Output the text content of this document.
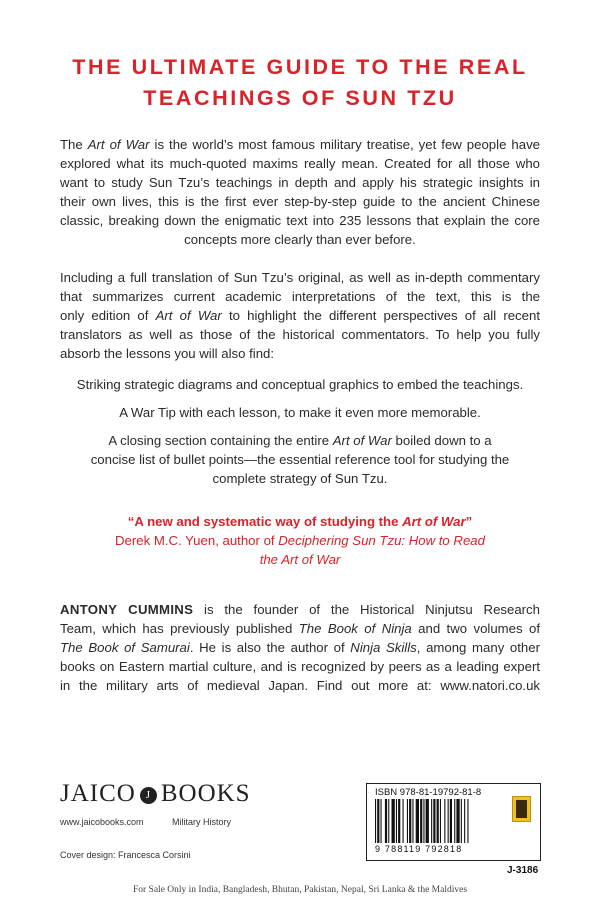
THE ULTIMATE GUIDE TO THE REAL
TEACHINGS OF SUN TZU
The Art of War is the world’s most famous military treatise, yet few people have
explored what its much-quoted maxims really mean. Created for all those who
want to study Sun Tzu’s teachings in depth and apply his strategic insights in
their own lives, this is the first ever step-by-step guide to the ancient Chinese
classic, breaking down the enigmatic text into 235 lessons that explain the core
concepts more clearly than ever before.
Including a full translation of Sun Tzu’s original, as well as in-depth commentary
that summarizes current academic interpretations of the text, this is the
only edition of Art of War to highlight the different perspectives of all recent
translators as well as those of the historical commentators. To help you fully
absorb the lessons you will also find:
Striking strategic diagrams and conceptual graphics to embed the teachings.
A War Tip with each lesson, to make it even more memorable.
A closing section containing the entire Art of War boiled down to a
concise list of bullet points—the essential reference tool for studying the
complete strategy of Sun Tzu.
“A new and systematic way of studying the Art of War”
Derek M.C. Yuen, author of Deciphering Sun Tzu: How to Read
the Art of War
ANTONY CUMMINS is the founder of the Historical Ninjutsu Research
Team, which has previously published The Book of Ninja and two volumes of
The Book of Samurai. He is also the author of Ninja Skills, among many other
books on Eastern martial culture, and is recognized by peers as a leading expert
in the military arts of medieval Japan. Find out more at: www.natori.co.uk
JAICO J BOOKS
www.jaicobooks.com	Military History
Cover design: Francesca Corsini
ISBN 978-81-19792-81-8
9 788119 792818
J-3186
For Sale Only in India, Bangladesh, Bhutan, Pakistan, Nepal, Sri Lanka & the Maldives
